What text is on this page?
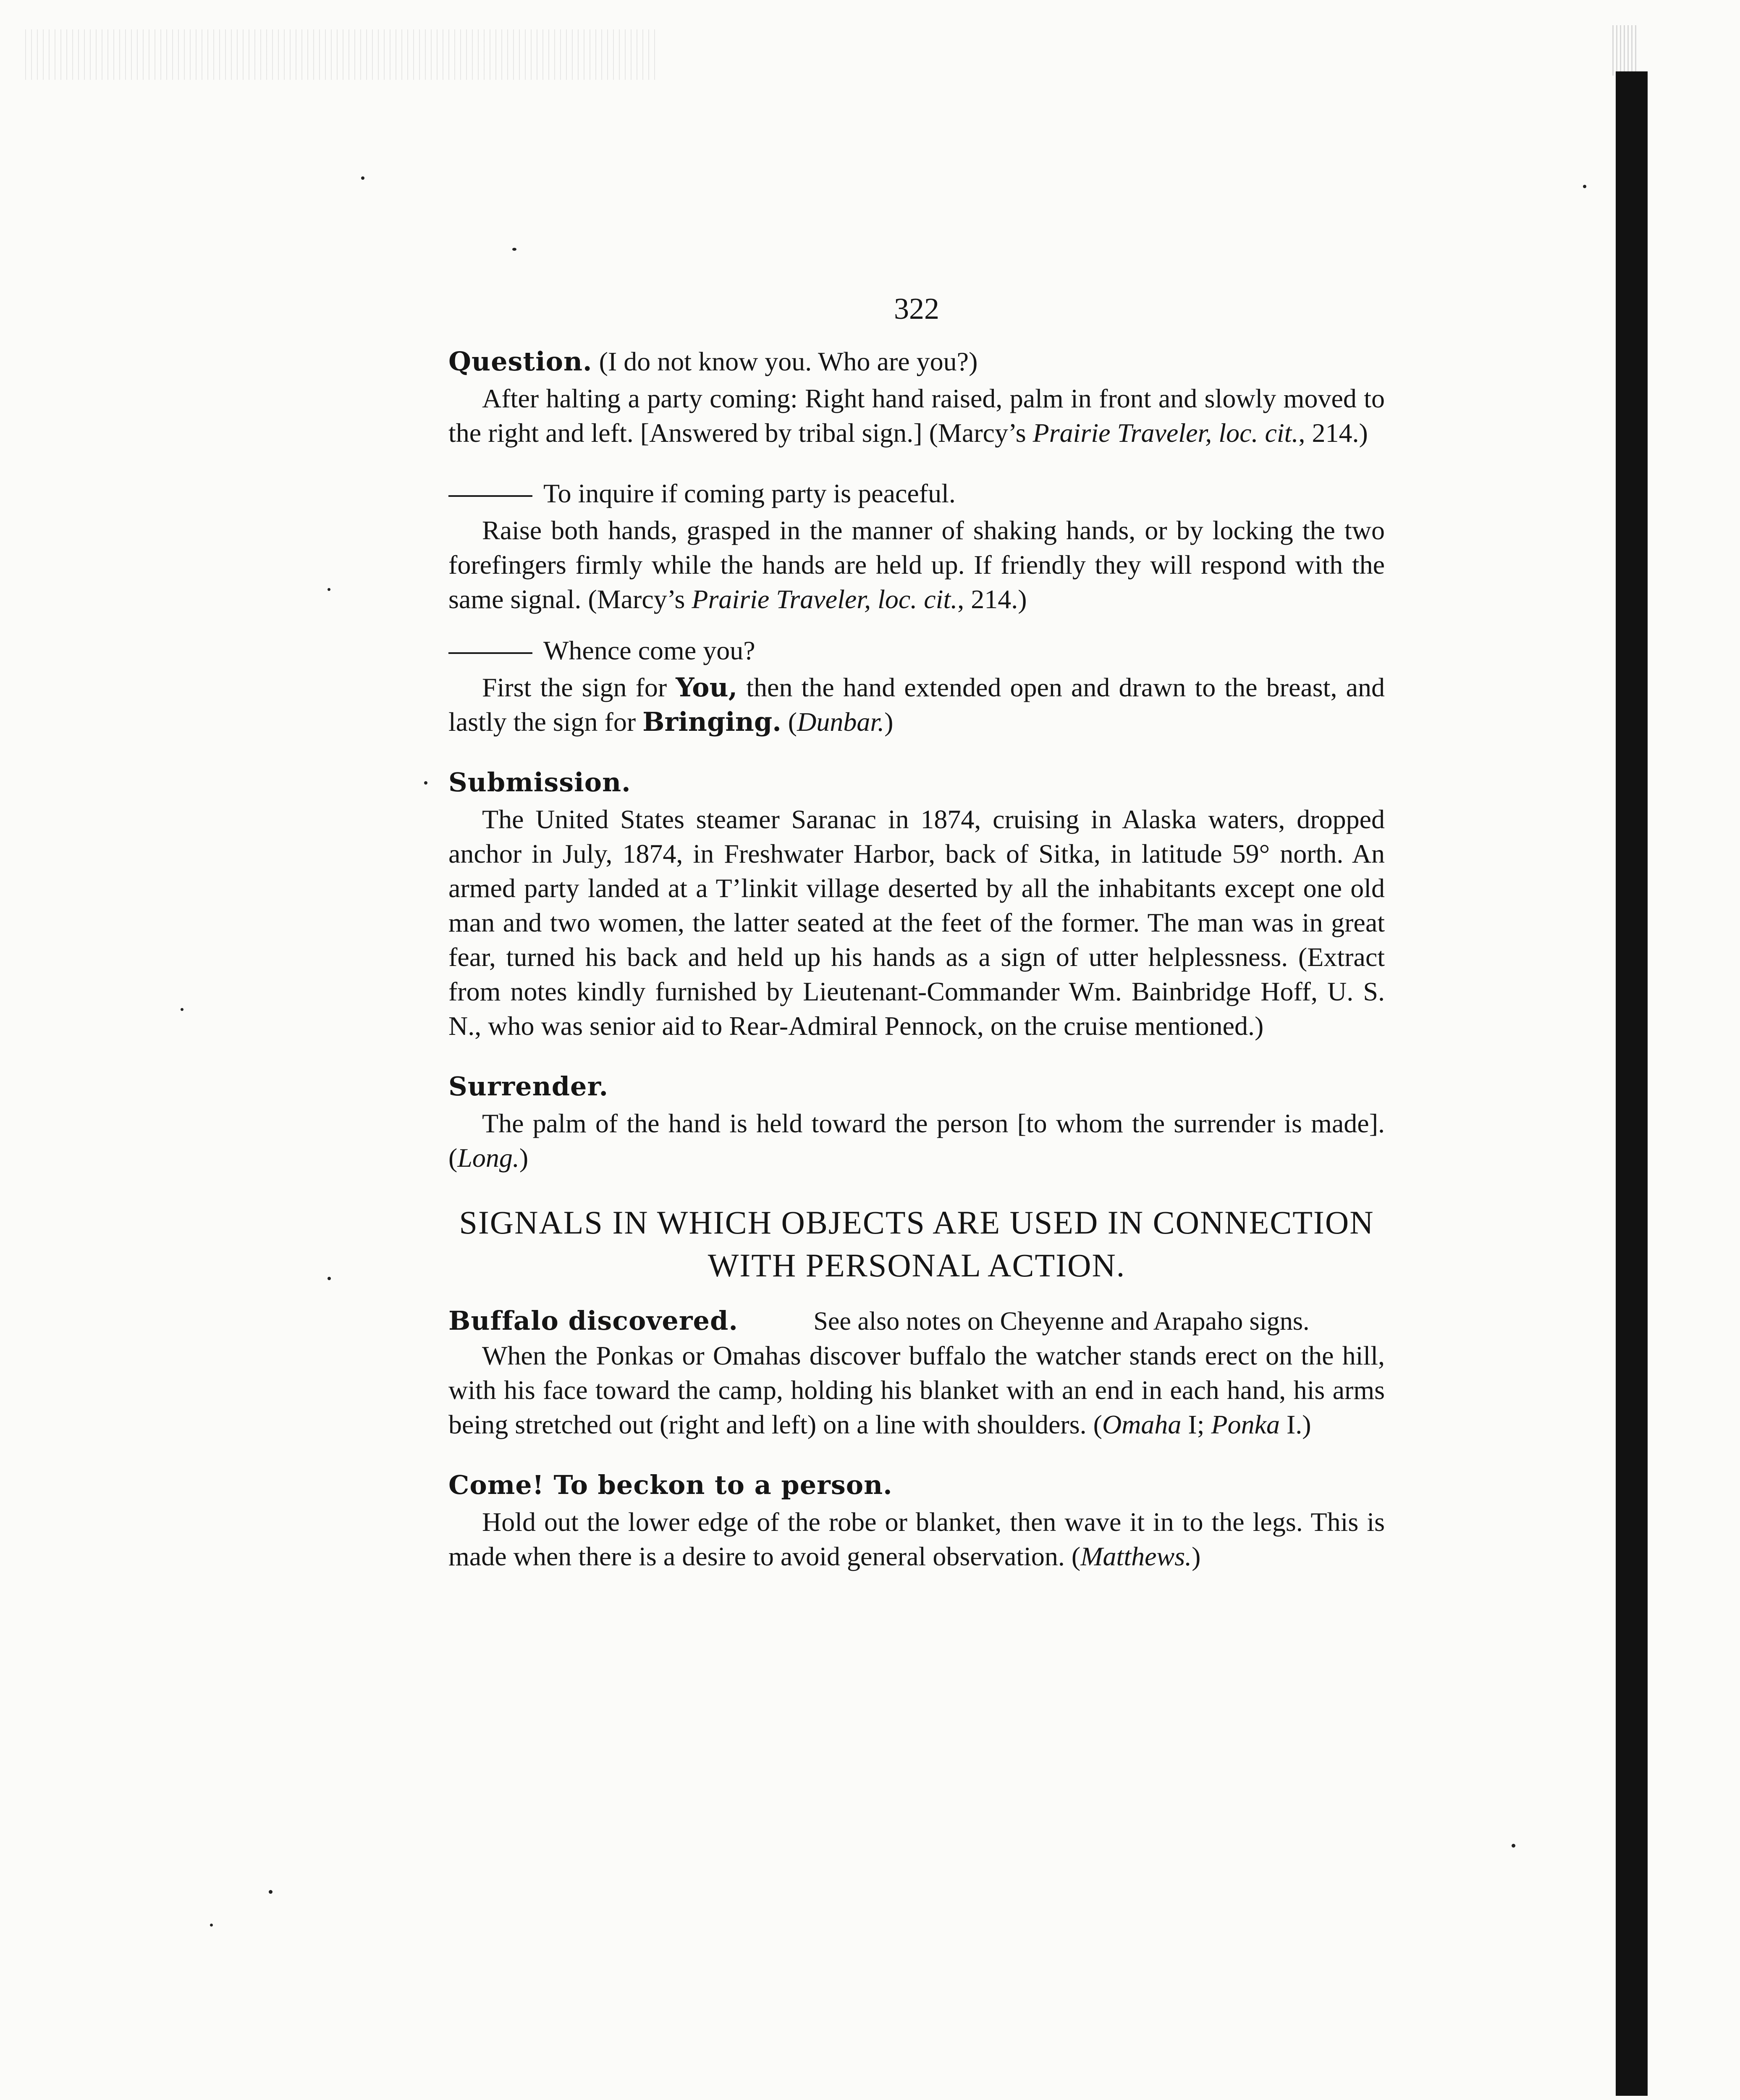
322
Question. (I do not know you. Who are you?)

After halting a party coming: Right hand raised, palm in front and slowly moved to the right and left. [Answered by tribal sign.] (Marcy’s Prairie Traveler, loc. cit., 214.)

To inquire if coming party is peaceful.

Raise both hands, grasped in the manner of shaking hands, or by locking the two forefingers firmly while the hands are held up. If friendly they will respond with the same signal. (Marcy’s Prairie Traveler, loc. cit., 214.)

Whence come you?

First the sign for You, then the hand extended open and drawn to the breast, and lastly the sign for Bringing. (Dunbar.)

Submission.

The United States steamer Saranac in 1874, cruising in Alaska waters, dropped anchor in July, 1874, in Freshwater Harbor, back of Sitka, in latitude 59° north. An armed party landed at a T’linkit village deserted by all the inhabitants except one old man and two women, the latter seated at the feet of the former. The man was in great fear, turned his back and held up his hands as a sign of utter helplessness. (Extract from notes kindly furnished by Lieutenant-Commander Wm. Bainbridge Hoff, U. S. N., who was senior aid to Rear-Admiral Pennock, on the cruise mentioned.)

Surrender.

The palm of the hand is held toward the person [to whom the surrender is made]. (Long.)

SIGNALS IN WHICH OBJECTS ARE USED IN CONNECTION WITH PERSONAL ACTION.
Buffalo discovered.	See also notes on Cheyenne and Arapaho signs.

When the Ponkas or Omahas discover buffalo the watcher stands erect on the hill, with his face toward the camp, holding his blanket with an end in each hand, his arms being stretched out (right and left) on a line with shoulders. (Omaha I; Ponka I.)

Come! To beckon to a person.

Hold out the lower edge of the robe or blanket, then wave it in to the legs. This is made when there is a desire to avoid general observation. (Matthews.)
